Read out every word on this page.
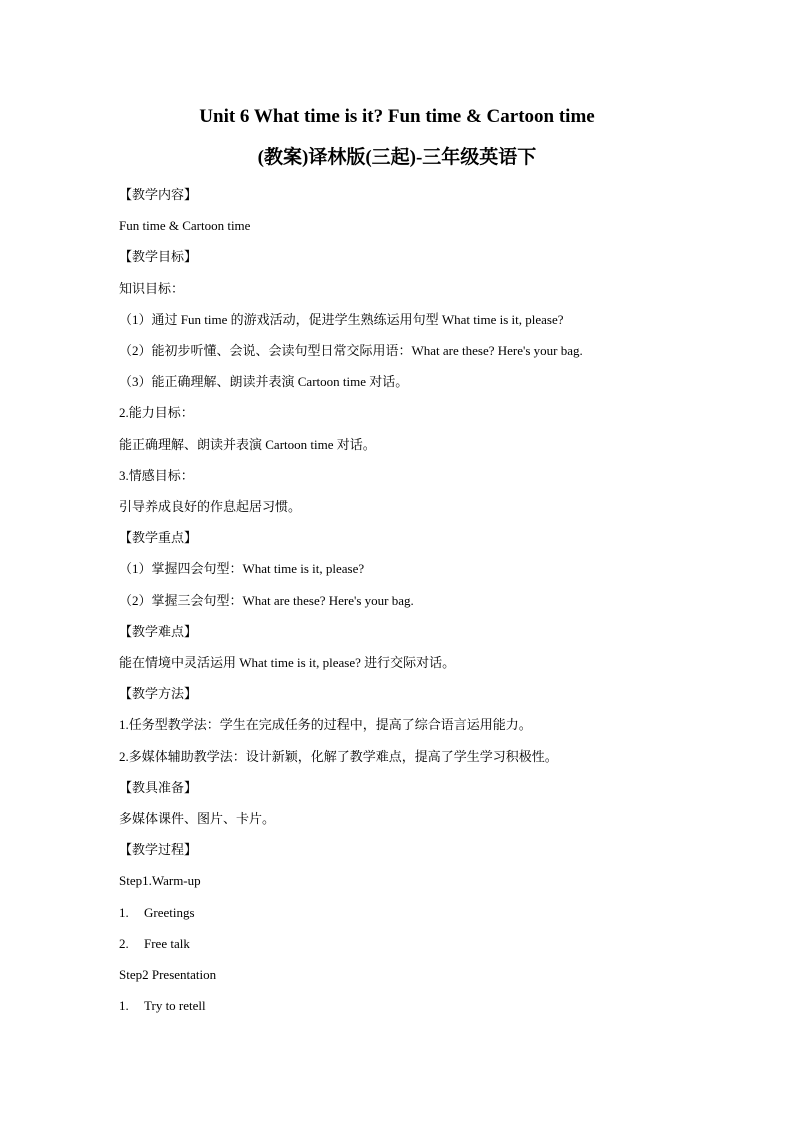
Unit 6 What time is it? Fun time & Cartoon time
(教案)译林版(三起)-三年级英语下
【教学内容】
Fun time & Cartoon time
【教学目标】
知识目标：
（1）通过 Fun time 的游戏活动，促进学生熟练运用句型 What time is it, please?
（2）能初步听懂、会说、会读句型日常交际用语：What are these? Here's your bag.
（3）能正确理解、朗读并表演 Cartoon time 对话。
2.能力目标：
能正确理解、朗读并表演 Cartoon time 对话。
3.情感目标：
引导养成良好的作息起居习惯。
【教学重点】
（1）掌握四会句型：What time is it, please?
（2）掌握三会句型：What are these? Here's your bag.
【教学难点】
能在情境中灵活运用 What time is it, please? 进行交际对话。
【教学方法】
1.任务型教学法：学生在完成任务的过程中，提高了综合语言运用能力。
2.多媒体辅助教学法：设计新颖，化解了教学难点，提高了学生学习积极性。
【教具准备】
多媒体课件、图片、卡片。
【教学过程】
Step1.Warm-up
1. Greetings
2. Free talk
Step2 Presentation
1. Try to retell
